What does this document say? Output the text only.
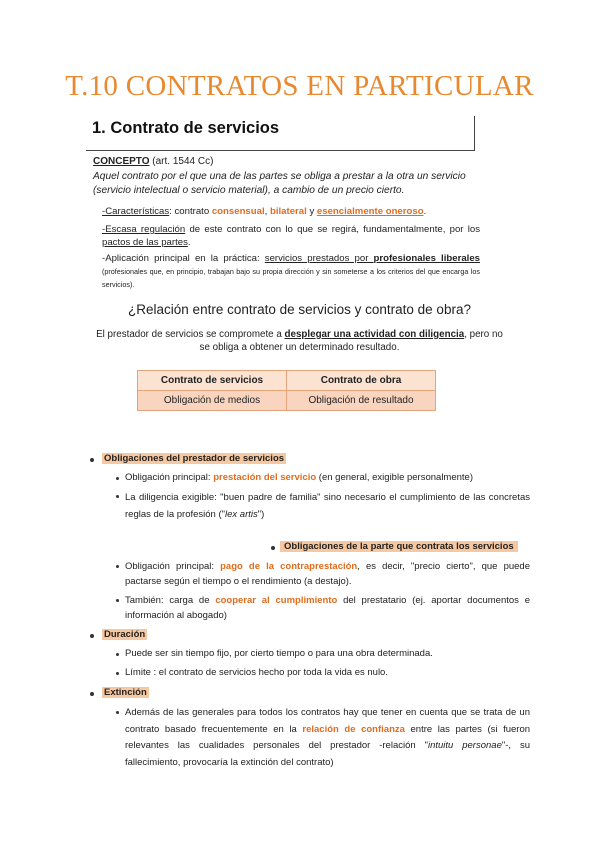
T.10 CONTRATOS EN PARTICULAR
1. Contrato de servicios
CONCEPTO (art. 1544 Cc)
Aquel contrato por el que una de las partes se obliga a prestar a la otra un servicio (servicio intelectual o servicio material), a cambio de un precio cierto.
-Características: contrato consensual, bilateral y esencialmente oneroso.
-Escasa regulación de este contrato con lo que se regirá, fundamentalmente, por los pactos de las partes.
-Aplicación principal en la práctica: servicios prestados por profesionales liberales (profesionales que, en principio, trabajan bajo su propia dirección y sin someterse a los criterios del que encarga los servicios).
¿Relación entre contrato de servicios y contrato de obra?
El prestador de servicios se compromete a desplegar una actividad con diligencia, pero no se obliga a obtener un determinado resultado.
Contrato de servicios	Contrato de obra
Obligación de medios	Obligación de resultado
Obligaciones del prestador de servicios
Obligación principal: prestación del servicio (en general, exigible personalmente)
La diligencia exigible: "buen padre de familia" sino necesario el cumplimiento de las concretas reglas de la profesión ("lex artis")
Obligaciones de la parte que contrata los servicios
Obligación principal: pago de la contraprestación, es decir, "precio cierto", que puede pactarse según el tiempo o el rendimiento (a destajo).
También: carga de cooperar al cumplimiento del prestatario (ej. aportar documentos e información al abogado)
Duración
Puede ser sin tiempo fijo, por cierto tiempo o para una obra determinada.
Límite : el contrato de servicios hecho por toda la vida es nulo.
Extinción
Además de las generales para todos los contratos hay que tener en cuenta que se trata de un contrato basado frecuentemente en la relación de confianza entre las partes (si fueron relevantes las cualidades personales del prestador -relación "intuitu personae"-, su fallecimiento, provocaría la extinción del contrato)
